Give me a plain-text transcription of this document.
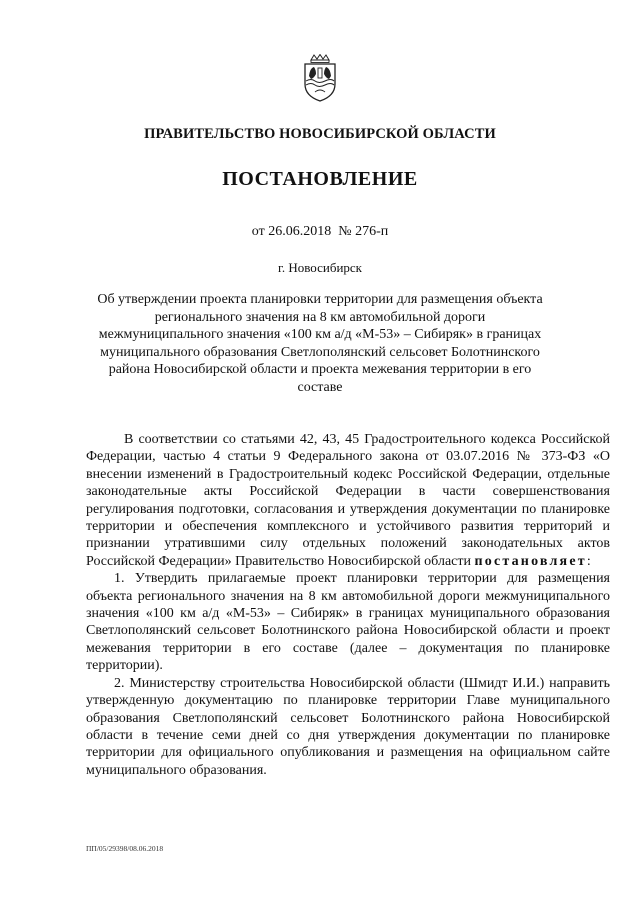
ПРАВИТЕЛЬСТВО НОВОСИБИРСКОЙ ОБЛАСТИ
ПОСТАНОВЛЕНИЕ
от 26.06.2018 № 276-п
г. Новосибирск
Об утверждении проекта планировки территории для размещения объекта регионального значения на 8 км автомобильной дороги межмуниципального значения «100 км а/д «М-53» – Сибиряк» в границах муниципального образования Светлополянский сельсовет Болотнинского района Новосибирской области и проекта межевания территории в его составе

В соответствии со статьями 42, 43, 45 Градостроительного кодекса Российской Федерации, частью 4 статьи 9 Федерального закона от 03.07.2016 № 373-ФЗ «О внесении изменений в Градостроительный кодекс Российской Федерации, отдельные законодательные акты Российской Федерации в части совершенствования регулирования подготовки, согласования и утверждения документации по планировке территории и обеспечения комплексного и устойчивого развития территорий и признании утратившими силу отдельных положений законодательных актов Российской Федерации» Правительство Новосибирской области постановляет:

1. Утвердить прилагаемые проект планировки территории для размещения объекта регионального значения на 8 км автомобильной дороги межмуниципального значения «100 км а/д «М-53» – Сибиряк» в границах муниципального образования Светлополянский сельсовет Болотнинского района Новосибирской области и проект межевания территории в его составе (далее – документация по планировке территории).

2. Министерству строительства Новосибирской области (Шмидт И.И.) направить утвержденную документацию по планировке территории Главе муниципального образования Светлополянский сельсовет Болотнинского района Новосибирской области в течение семи дней со дня утверждения документации по планировке территории для официального опубликования и размещения на официальном сайте муниципального образования.

ПП/05/29398/08.06.2018
